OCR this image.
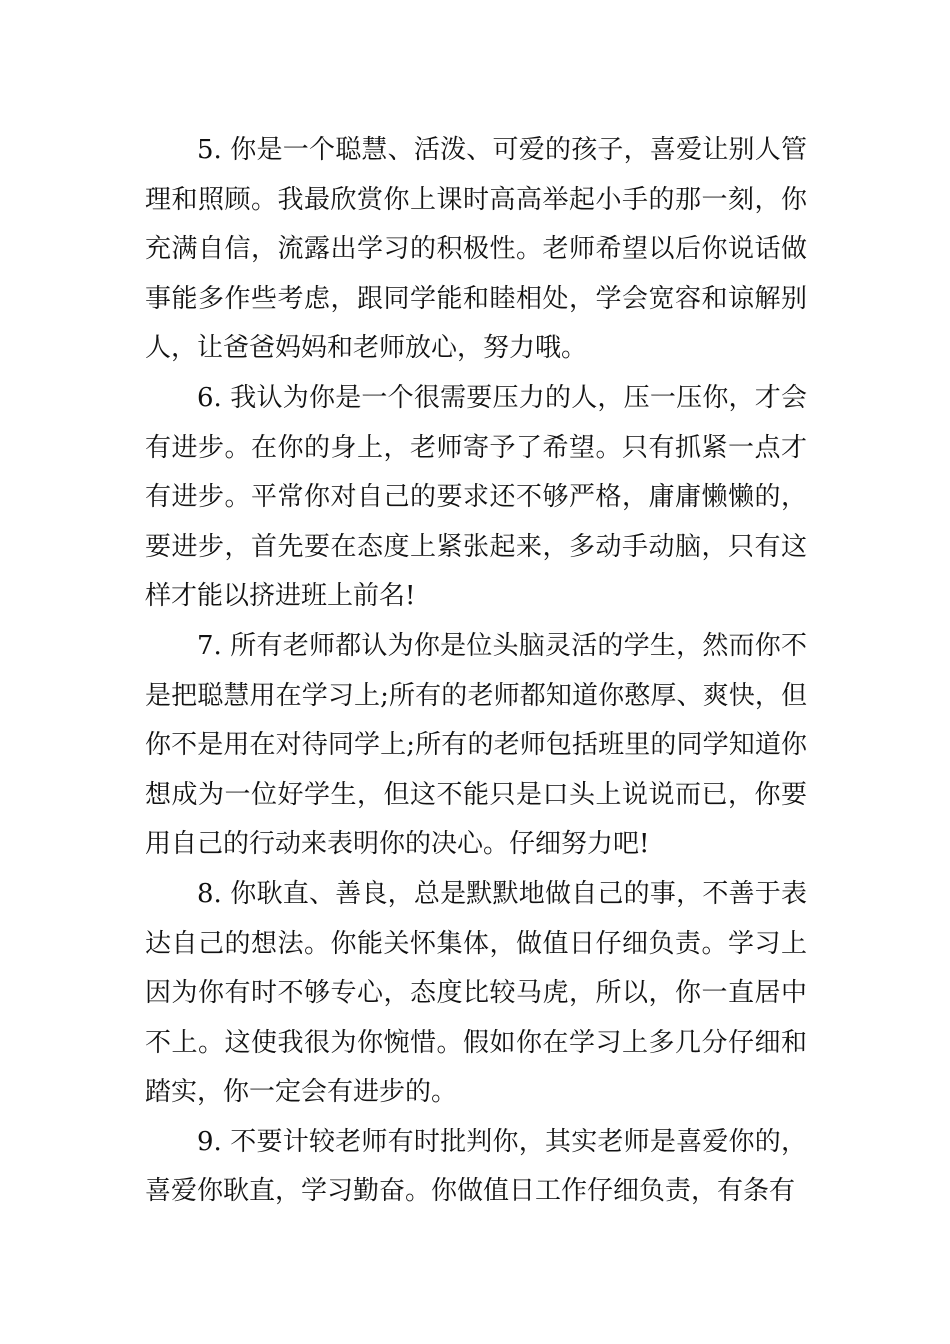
5. 你是一个聪慧、活泼、可爱的孩子，喜爱让别人管理和照顾。我最欣赏你上课时高高举起小手的那一刻，你充满自信，流露出学习的积极性。老师希望以后你说话做事能多作些考虑，跟同学能和睦相处，学会宽容和谅解别人，让爸爸妈妈和老师放心，努力哦。

6. 我认为你是一个很需要压力的人，压一压你，才会有进步。在你的身上，老师寄予了希望。只有抓紧一点才有进步。平常你对自己的要求还不够严格，庸庸懒懒的，要进步，首先要在态度上紧张起来，多动手动脑，只有这样才能以挤进班上前名!

7. 所有老师都认为你是位头脑灵活的学生，然而你不是把聪慧用在学习上;所有的老师都知道你憨厚、爽快，但你不是用在对待同学上;所有的老师包括班里的同学知道你想成为一位好学生，但这不能只是口头上说说而已，你要用自己的行动来表明你的决心。仔细努力吧!

8. 你耿直、善良，总是默默地做自己的事，不善于表达自己的想法。你能关怀集体，做值日仔细负责。学习上因为你有时不够专心，态度比较马虎，所以，你一直居中不上。这使我很为你惋惜。假如你在学习上多几分仔细和踏实，你一定会有进步的。

9. 不要计较老师有时批判你，其实老师是喜爱你的，喜爱你耿直，学习勤奋。你做值日工作仔细负责，有条有
